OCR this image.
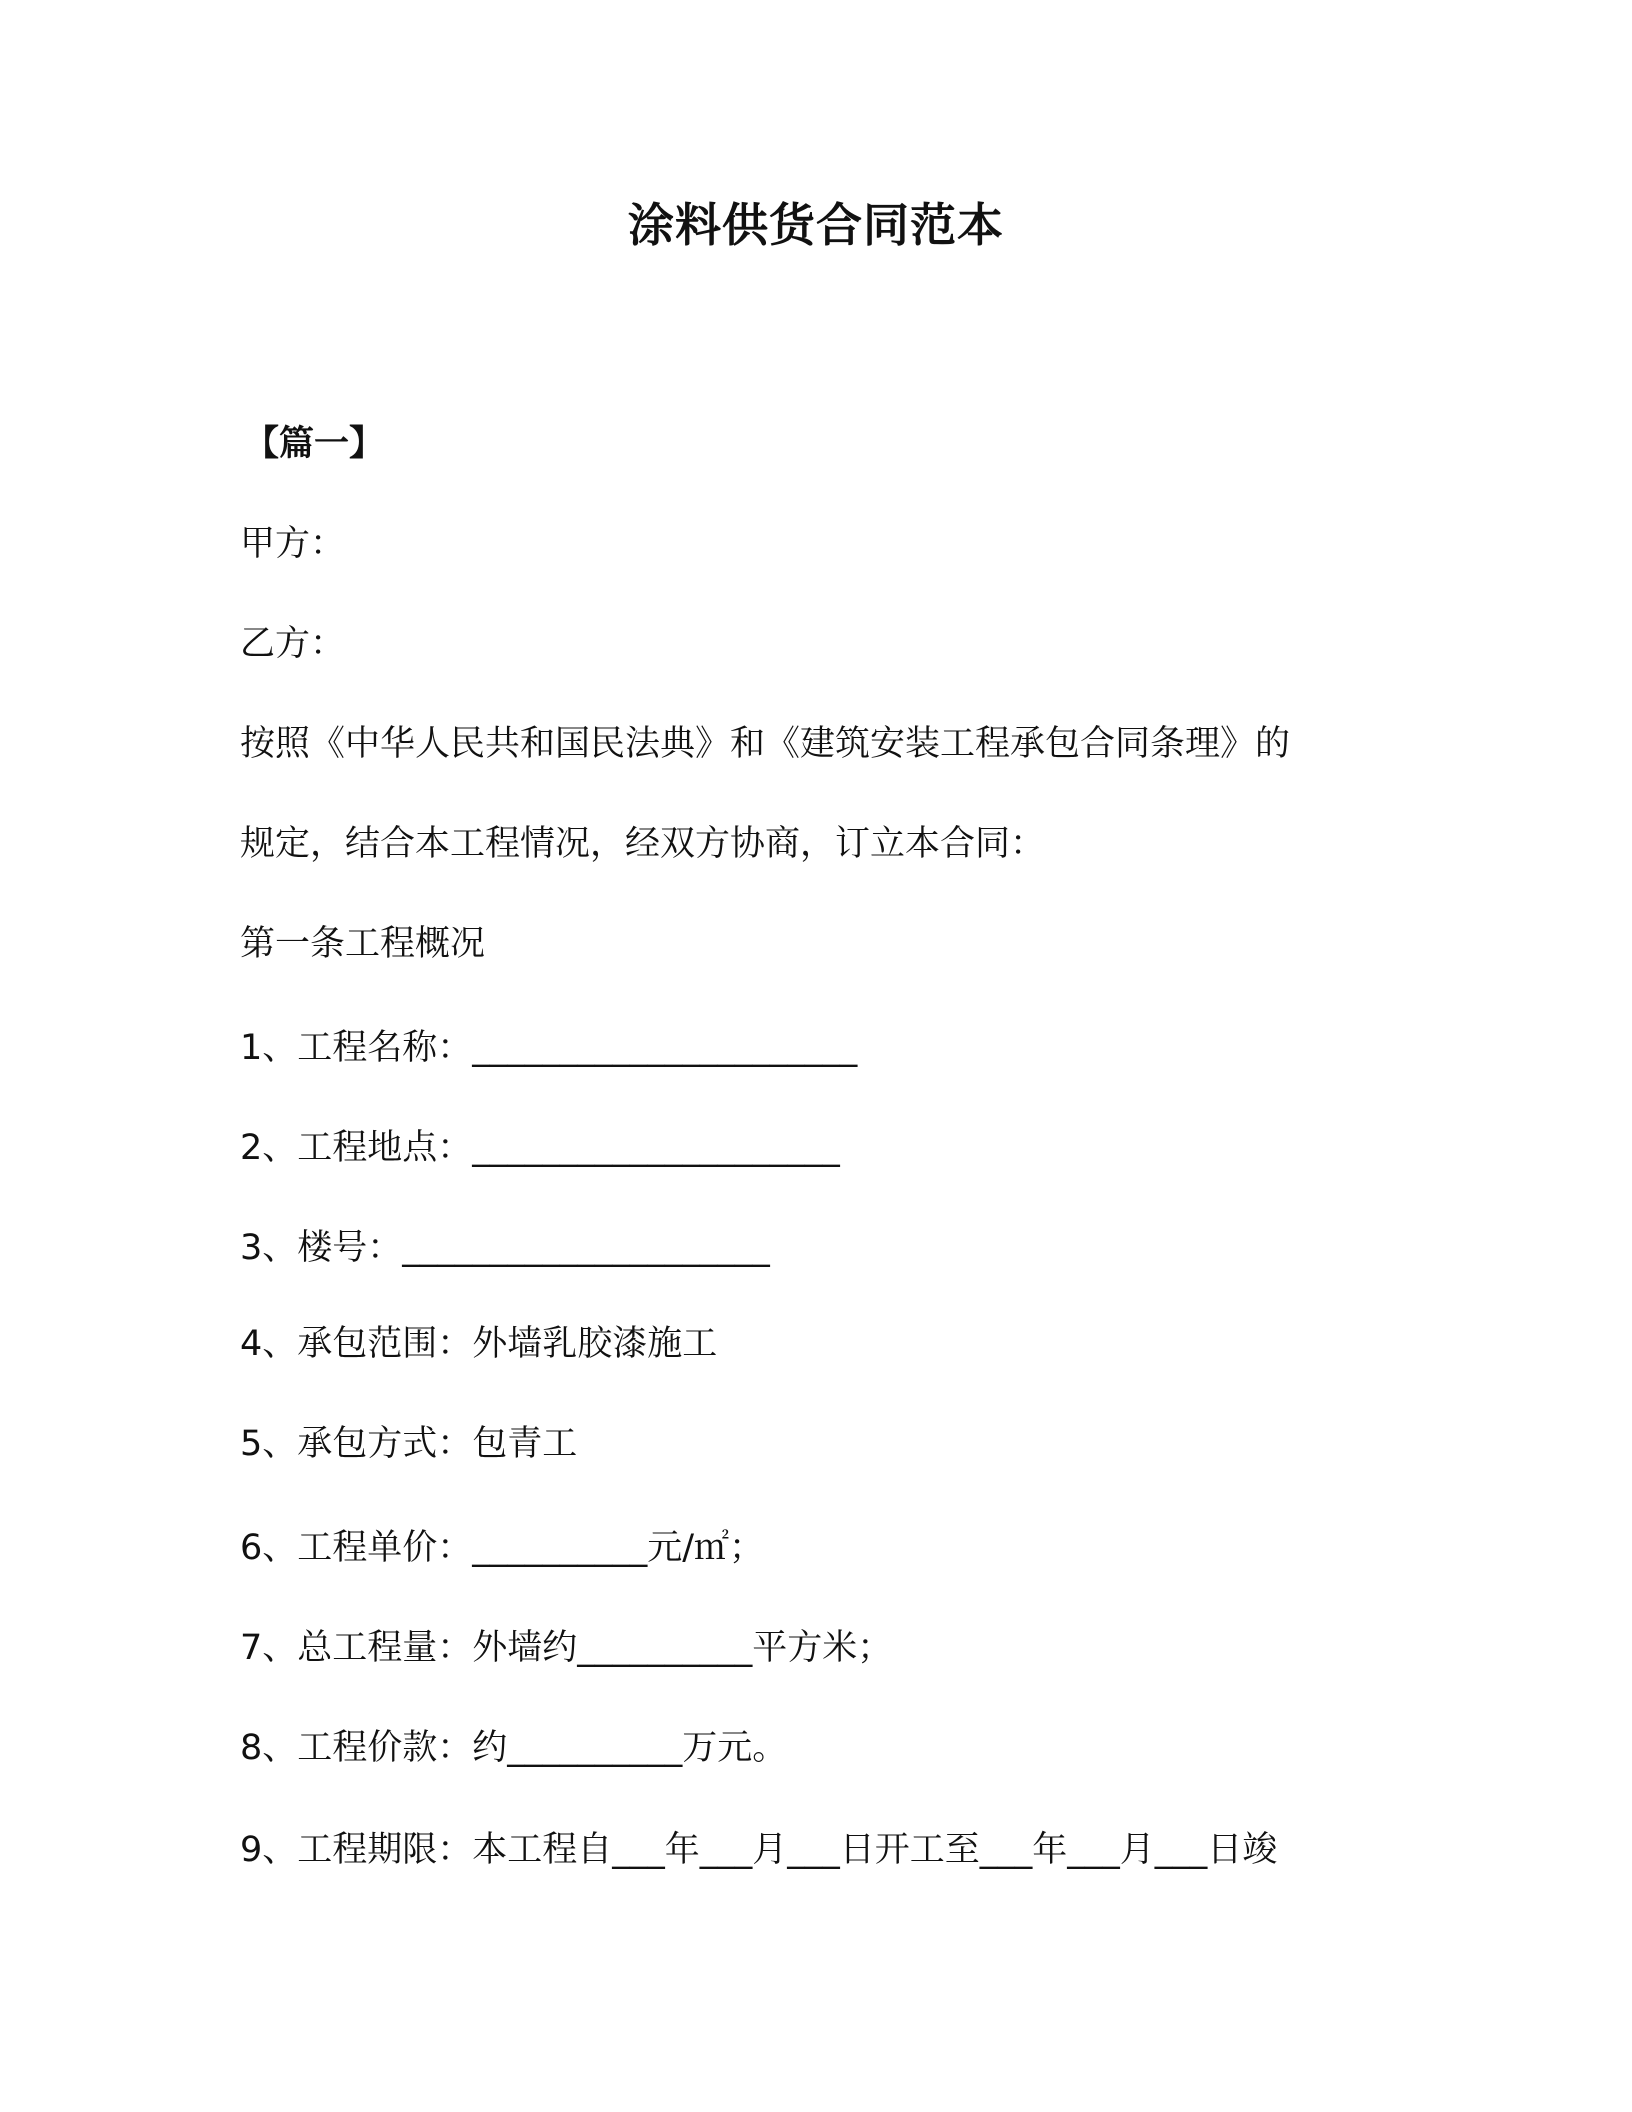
涂料供货合同范本
【篇一】
甲方：
乙方：
按照《中华人民共和国民法典》和《建筑安装工程承包合同条理》的
规定，结合本工程情况，经双方协商，订立本合同：
第一条工程概况
1、工程名称：______________________
2、工程地点：_____________________
3、楼号：_____________________
4、承包范围：外墙乳胶漆施工
5、承包方式：包青工
6、工程单价：__________元/㎡；
7、总工程量：外墙约__________平方米；
8、工程价款：约__________万元。
9、工程期限：本工程自___年___月___日开工至___年___月___日竣
